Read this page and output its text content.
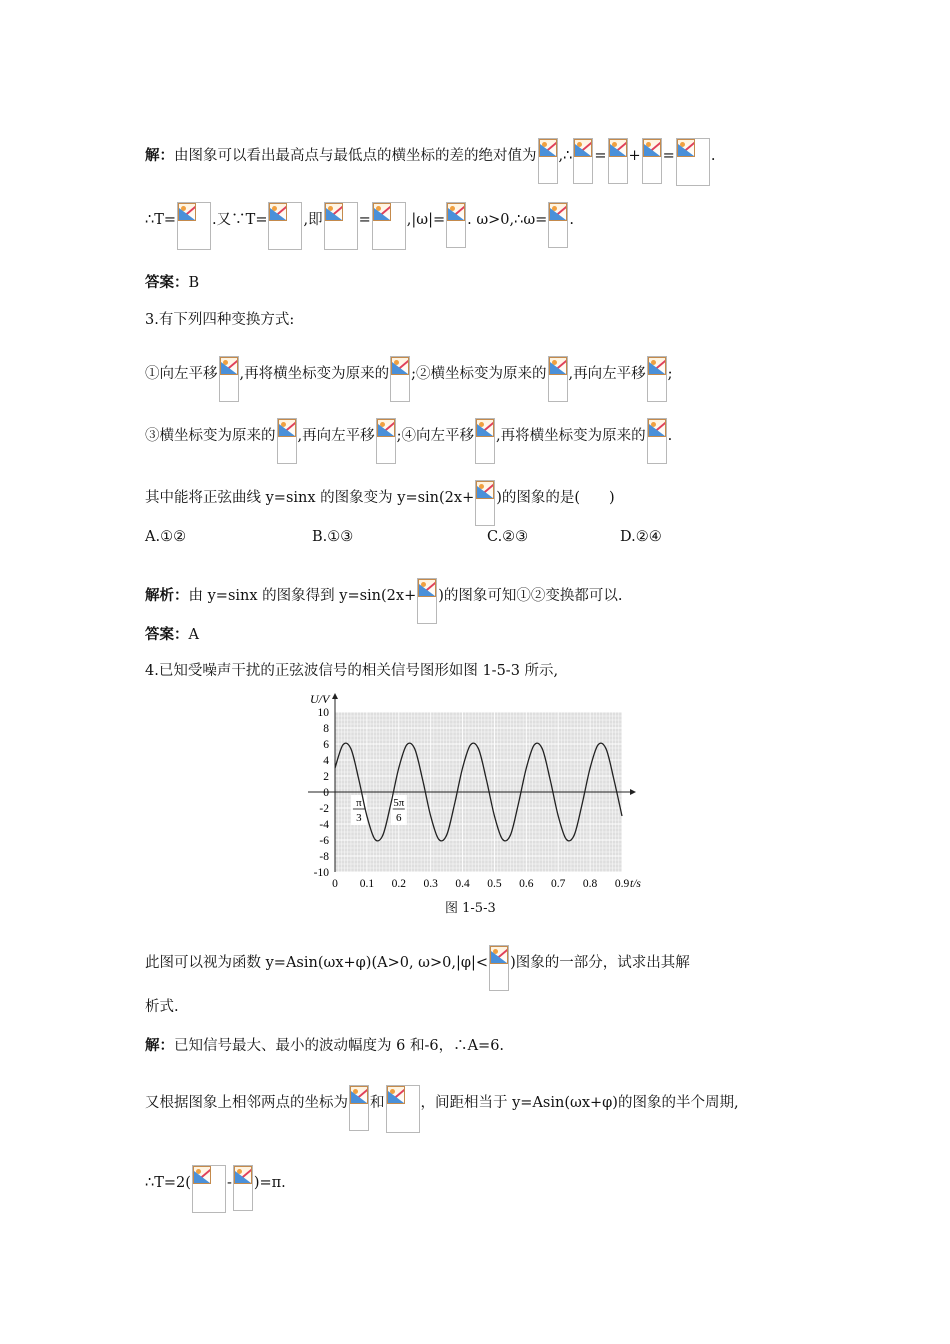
解：由图象可以看出最高点与最低点的横坐标的差的绝对值为 ,∴ = + = .
∴T= .又∵T= ,即 = ,|ω|= . ω>0,∴ω= .
答案：B
3.有下列四种变换方式:
①向左平移 ,再将横坐标变为原来的 ;②横坐标变为原来的 ,再向左平移 ;
③横坐标变为原来的 ,再向左平移 ;④向左平移 ,再将横坐标变为原来的 .
其中能将正弦曲线 y=sinx 的图象变为 y=sin(2x+ )的图象的是(　　)
A.①②	B.①③	C.②③	D.②④
解析：由 y=sinx 的图象得到 y=sin(2x+ )的图象可知①②变换都可以.
答案：A
4.已知受噪声干扰的正弦波信号的相关信号图形如图 1-5-3 所示,
U/V
10
8
6
4
2
0
-2
-4
-6
-8
-10
0 0.1 0.2 0.3 0.4 0.5 0.6 0.7 0.8 0.9 t/s
π
3
5π
6
图 1-5-3
此图可以视为函数 y=Asin(ωx+φ)(A>0, ω>0,|φ|< )图象的一部分，试求出其解
析式.
解：已知信号最大、最小的波动幅度为 6 和-6，∴A=6.
又根据图象上相邻两点的坐标为 和 ，间距相当于 y=Asin(ωx+φ)的图象的半个周期,
∴T=2( - )=π.
